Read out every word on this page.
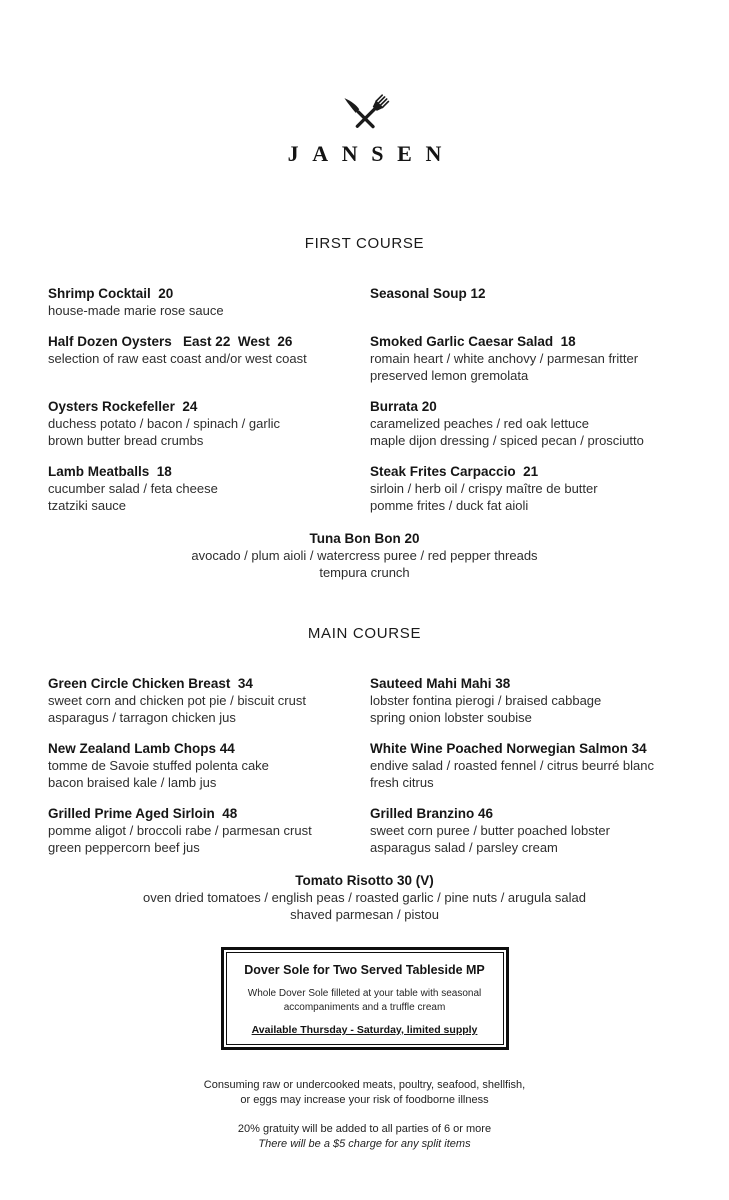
JANSEN
FIRST COURSE
Shrimp Cocktail  20
house-made marie rose sauce
Seasonal Soup 12
Half Dozen Oysters   East 22  West  26
selection of raw east coast and/or west coast
Smoked Garlic Caesar Salad  18
romain heart / white anchovy / parmesan fritter
preserved lemon gremolata
Oysters Rockefeller  24
duchess potato / bacon / spinach / garlic
brown butter bread crumbs
Burrata 20
caramelized peaches / red oak lettuce
maple dijon dressing / spiced pecan / prosciutto
Lamb Meatballs  18
cucumber salad / feta cheese
tzatziki sauce
Steak Frites Carpaccio  21
sirloin / herb oil / crispy maître de butter
pomme frites / duck fat aioli
Tuna Bon Bon 20
avocado / plum aioli / watercress puree / red pepper threads
tempura crunch
MAIN COURSE
Green Circle Chicken Breast  34
sweet corn and chicken pot pie / biscuit crust
asparagus / tarragon chicken jus
Sauteed Mahi Mahi 38
lobster fontina pierogi / braised cabbage
spring onion lobster soubise
New Zealand Lamb Chops 44
tomme de Savoie stuffed polenta cake
bacon braised kale / lamb jus
White Wine Poached Norwegian Salmon 34
endive salad / roasted fennel / citrus beurré blanc
fresh citrus
Grilled Prime Aged Sirloin  48
pomme aligot / broccoli rabe / parmesan crust
green peppercorn beef jus
Grilled Branzino 46
sweet corn puree / butter poached lobster
asparagus salad / parsley cream
Tomato Risotto 30 (V)
oven dried tomatoes / english peas / roasted garlic / pine nuts / arugula salad
shaved parmesan / pistou
Dover Sole for Two Served Tableside MP
Whole Dover Sole filleted at your table with seasonal
accompaniments and a truffle cream
Available Thursday - Saturday, limited supply
Consuming raw or undercooked meats, poultry, seafood, shellfish,
or eggs may increase your risk of foodborne illness
20% gratuity will be added to all parties of 6 or more
There will be a $5 charge for any split items
